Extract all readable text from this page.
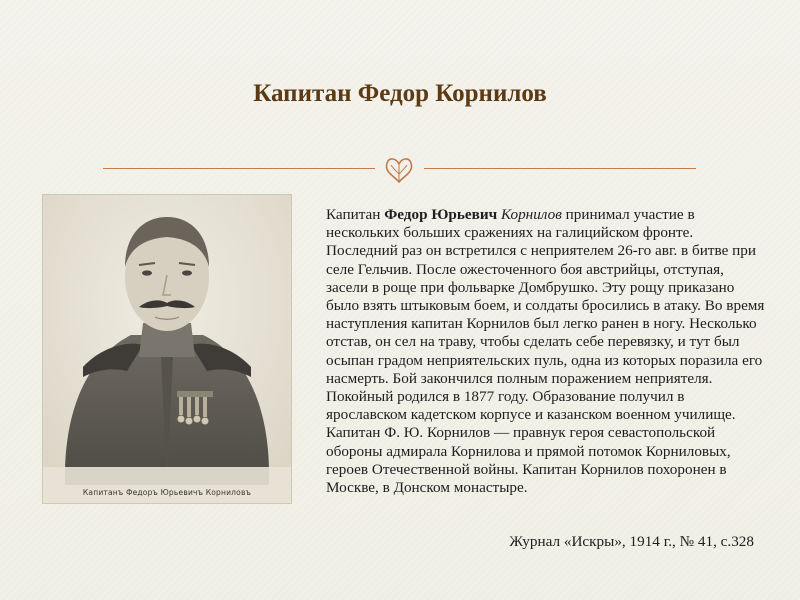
Капитан Федор Корнилов
Капитанъ Федоръ Юрьевичъ Корниловъ

Капитан Федор Юрьевич Корнилов принимал участие в нескольких больших сражениях на галицийском фронте. Последний раз он встретился с неприятелем 26-го авг. в битве при селе Гельчив. После ожесточенного боя австрийцы, отступая, засели в роще при фольварке Домбрушко. Эту рощу приказано было взять штыковым боем, и солдаты бросились в атаку. Во время наступления капитан Корнилов был легко ранен в ногу. Несколько отстав, он сел на траву, чтобы сделать себе перевязку, и тут был осыпан градом неприятельских пуль, одна из которых поразила его насмерть. Бой закончился полным поражением неприятеля. Покойный родился в 1877 году. Образование получил в ярославском кадетском корпусе и казанском военном училище. Капитан Ф. Ю. Корнилов — правнук героя севастопольской обороны адмирала Корнилова и прямой потомок Корниловых, героев Отечественной войны. Капитан Корнилов похоронен в Москве, в Донском монастыре.

Журнал «Искры», 1914 г., № 41, с.328
